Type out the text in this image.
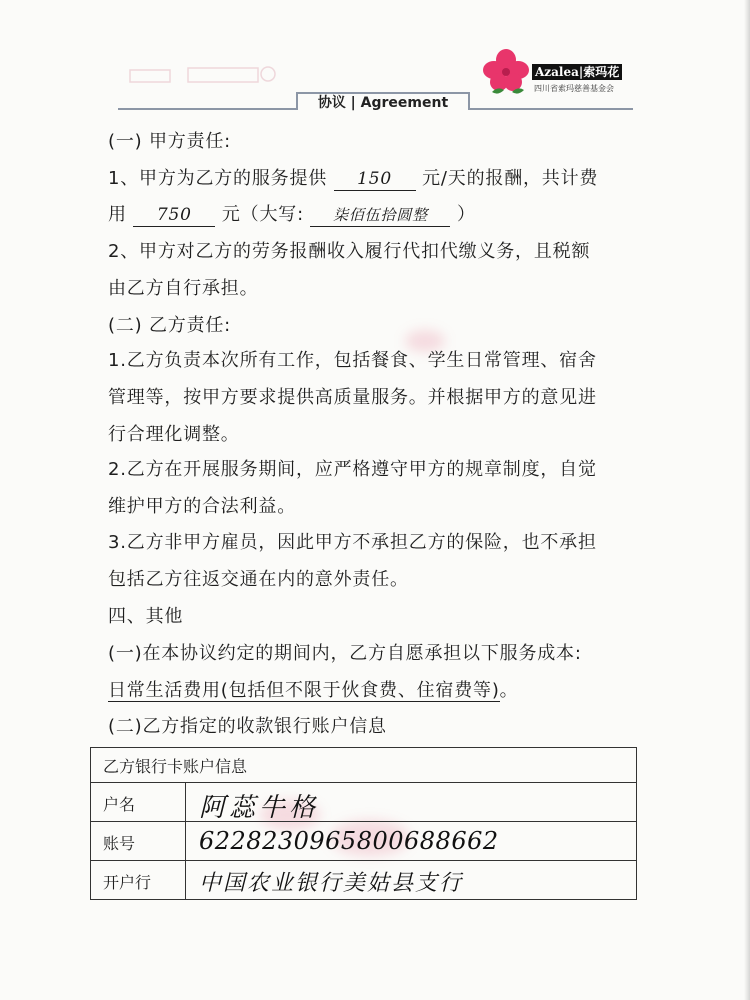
Azalea|索玛花
四川省索玛慈善基金会
协议 | Agreement
(一) 甲方责任:
1、甲方为乙方的服务提供 150 元/天的报酬，共计费
用 750 元（大写: 柒佰伍拾圆整 ）
2、甲方对乙方的劳务报酬收入履行代扣代缴义务，且税额
由乙方自行承担。
(二) 乙方责任:
1.乙方负责本次所有工作，包括餐食、学生日常管理、宿舍
管理等，按甲方要求提供高质量服务。并根据甲方的意见进
行合理化调整。
2.乙方在开展服务期间，应严格遵守甲方的规章制度，自觉
维护甲方的合法利益。
3.乙方非甲方雇员，因此甲方不承担乙方的保险，也不承担
包括乙方往返交通在内的意外责任。
四、其他
(一)在本协议约定的期间内，乙方自愿承担以下服务成本:
日常生活费用(包括但不限于伙食费、住宿费等)。
(二)乙方指定的收款银行账户信息
乙方银行卡账户信息
户名 阿蕊牛格
账号	6228230965800688662
开户行 中国农业银行美姑县支行
